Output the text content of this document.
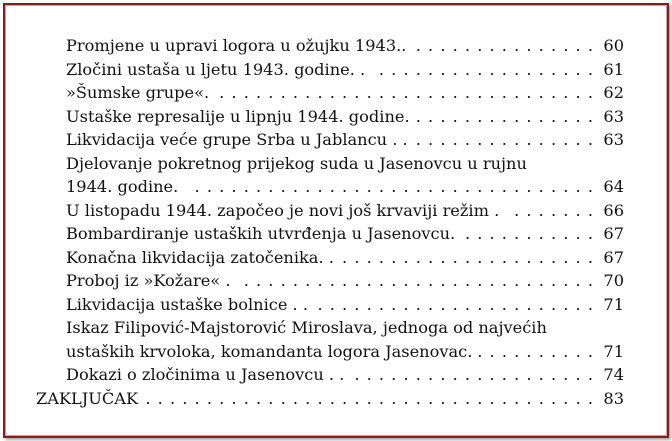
Promjene u upravi logora u ožujku 1943.. . . . . . . . . . . . . . . . 60
Zločini ustaša u ljetu 1943. godine. . . . . . . . . . . . . . . . . . . . 61
»Šumske grupe«. . . . . . . . . . . . . . . . . . . . . . . . . . . . . . . . 62
Ustaške represalije u lipnju 1944. godine. . . . . . . . . . . . . . . . 63
Likvidacija veće grupe Srba u Jablancu . . . . . . . . . . . . . . . . . 63
Djelovanje pokretnog prijekog suda u Jasenovcu u rujnu
1944. godine. . . . . . . . . . . . . . . . . . . . . . . . . . . . . . . . . . 64
U listopadu 1944. započeo je novi još krvaviji režim . . . . . . . . 66
Bombardiranje ustaških utvrđenja u Jasenovcu. . . . . . . . . . . . 67
Konačna likvidacija zatočenika. . . . . . . . . . . . . . . . . . . . . . . 67
Proboj iz »Kožare« . . . . . . . . . . . . . . . . . . . . . . . . . . . . . . 70
Likvidacija ustaške bolnice . . . . . . . . . . . . . . . . . . . . . . . . . 71
Iskaz Filipović-Majstorović Miroslava, jednoga od najvećih
ustaških krvoloka, komandanta logora Jasenovac. . . . . . . . . . . 71
Dokazi o zločinima u Jasenovcu . . . . . . . . . . . . . . . . . . . . . . 74
ZAKLJUČAK . . . . . . . . . . . . . . . . . . . . . . . . . . . . . . . . . . . . . 83
